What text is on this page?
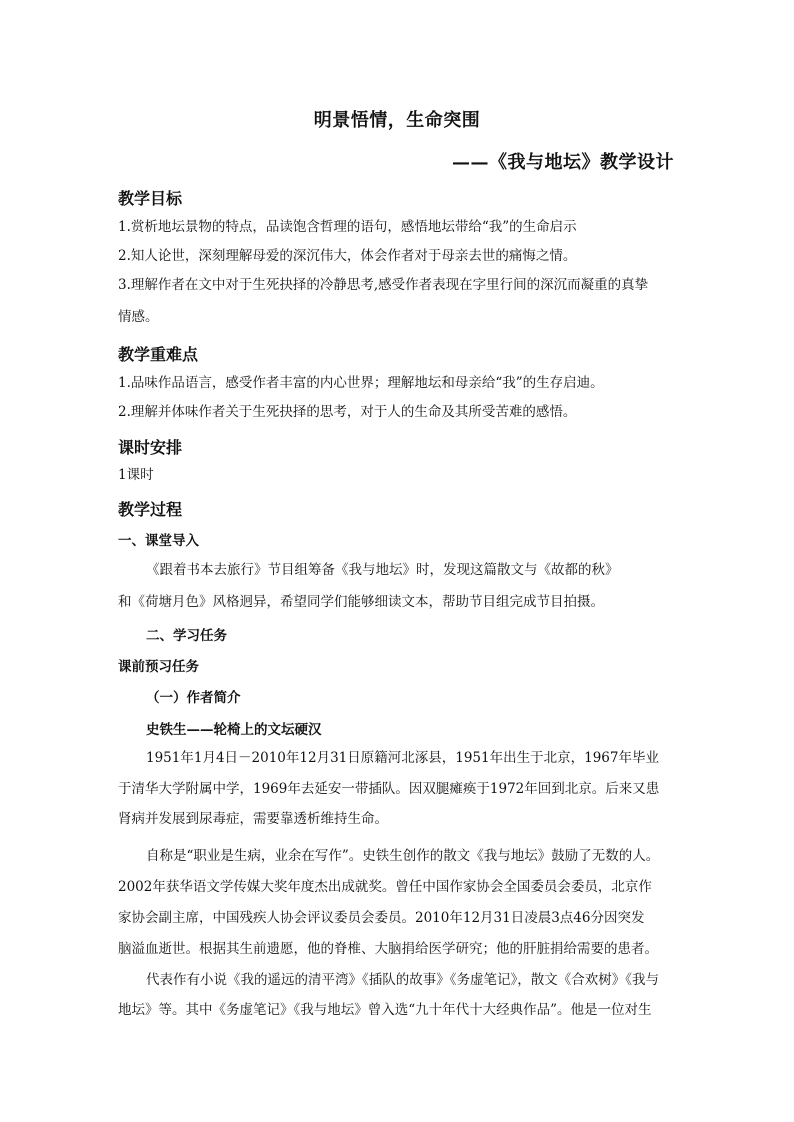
明景悟情，生命突围
——《我与地坛》教学设计
教学目标
1.赏析地坛景物的特点，品读饱含哲理的语句，感悟地坛带给“我”的生命启示
2.知人论世，深刻理解母爱的深沉伟大，体会作者对于母亲去世的痛悔之情。
3.理解作者在文中对于生死抉择的冷静思考,感受作者表现在字里行间的深沉而凝重的真挚
情感。
教学重难点
1.品味作品语言，感受作者丰富的内心世界；理解地坛和母亲给“我”的生存启迪。
2.理解并体味作者关于生死抉择的思考，对于人的生命及其所受苦难的感悟。
课时安排
1课时
教学过程
一、课堂导入
《跟着书本去旅行》节目组筹备《我与地坛》时，发现这篇散文与《故都的秋》
和《荷塘月色》风格迥异，希望同学们能够细读文本，帮助节目组完成节目拍摄。
二、学习任务
课前预习任务
（一）作者简介
史铁生——轮椅上的文坛硬汉
1951年1月4日－2010年12月31日原籍河北涿县，1951年出生于北京，1967年毕业
于清华大学附属中学，1969年去延安一带插队。因双腿瘫痪于1972年回到北京。后来又患
肾病并发展到尿毒症，需要靠透析维持生命。
自称是“职业是生病，业余在写作”。史铁生创作的散文《我与地坛》鼓励了无数的人。
2002年获华语文学传媒大奖年度杰出成就奖。曾任中国作家协会全国委员会委员，北京作
家协会副主席，中国残疾人协会评议委员会委员。2010年12月31日凌晨3点46分因突发
脑溢血逝世。根据其生前遗愿，他的脊椎、大脑捐给医学研究；他的肝脏捐给需要的患者。
代表作有小说《我的遥远的清平湾》《插队的故事》《务虚笔记》，散文《合欢树》《我与
地坛》等。其中《务虚笔记》《我与地坛》曾入选“九十年代十大经典作品”。他是一位对生
